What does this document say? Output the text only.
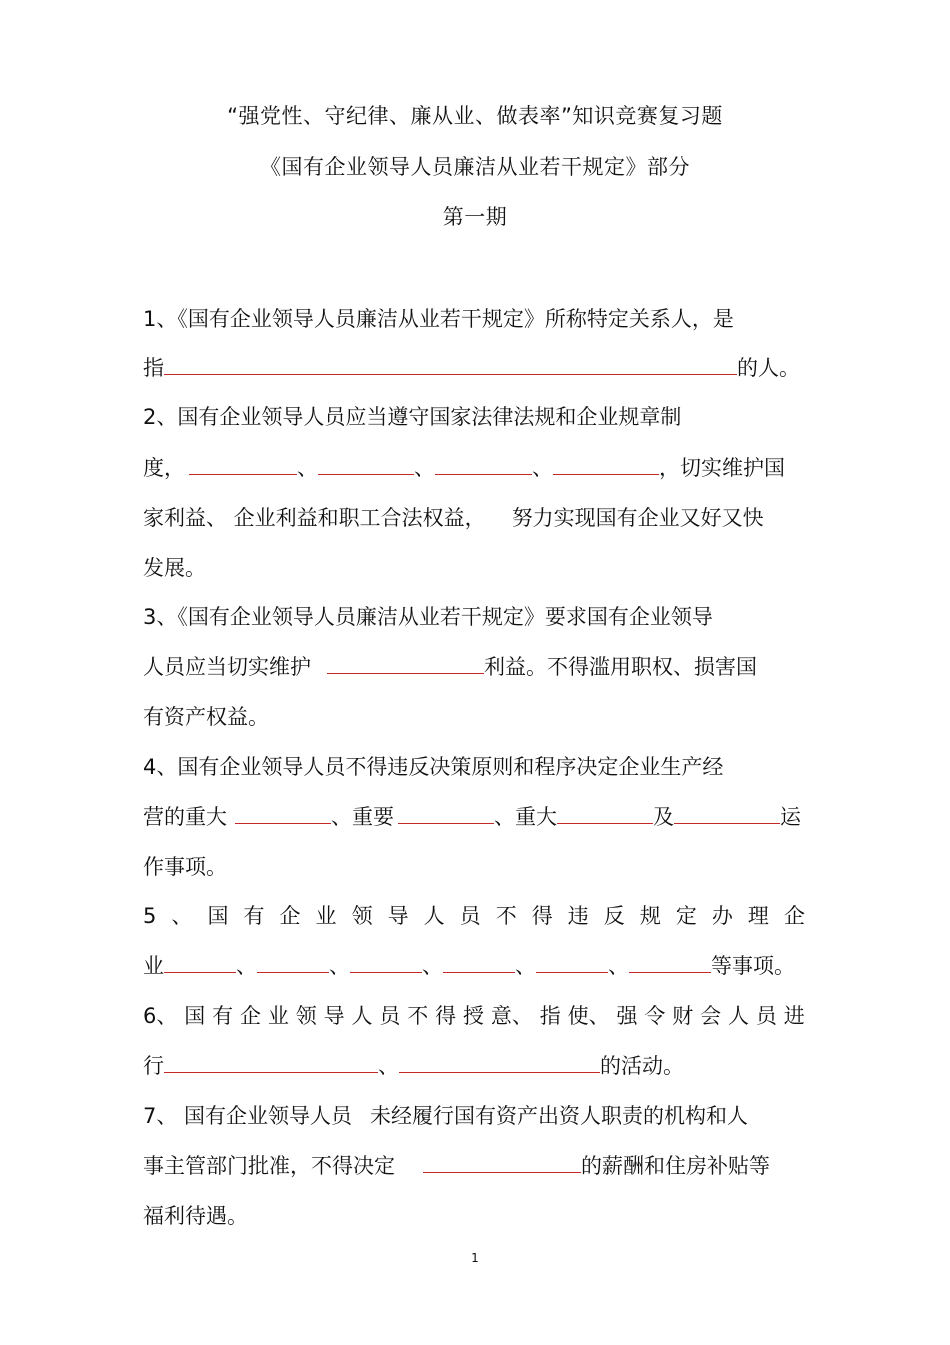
“强党性、守纪律、廉从业、做表率”知识竞赛复习题
《国有企业领导人员廉洁从业若干规定》部分
第一期
1、《国有企业领导人员廉洁从业若干规定》所称特定关系人，是
指	的人。
2、国有企业领导人员应当遵守国家法律法规和企业规章制
度，	、	、	、	，切实维护国
家利益、 企业利益和职工合法权益， 努力实现国有企业又好又快
发展。
3、《国有企业领导人员廉洁从业若干规定》要求国有企业领导
人员应当切实维护	利益。不得滥用职权、损害国
有资产权益。
4、国有企业领导人员不得违反决策原则和程序决定企业生产经
营的重大	、重要	、重大	及	运
作事项。
5 、 国 有 企 业 领 导 人 员 不 得 违 反 规 定 办 理 企
业	、	、	、	、	、	等事项。
6、 国 有 企 业 领 导 人 员 不 得 授 意、 指 使、 强 令 财 会 人 员 进
行	、	的活动。
7、 国有企业领导人员 未经履行国有资产出资人职责的机构和人
事主管部门批准，不得决定	的薪酬和住房补贴等
福利待遇。
1
